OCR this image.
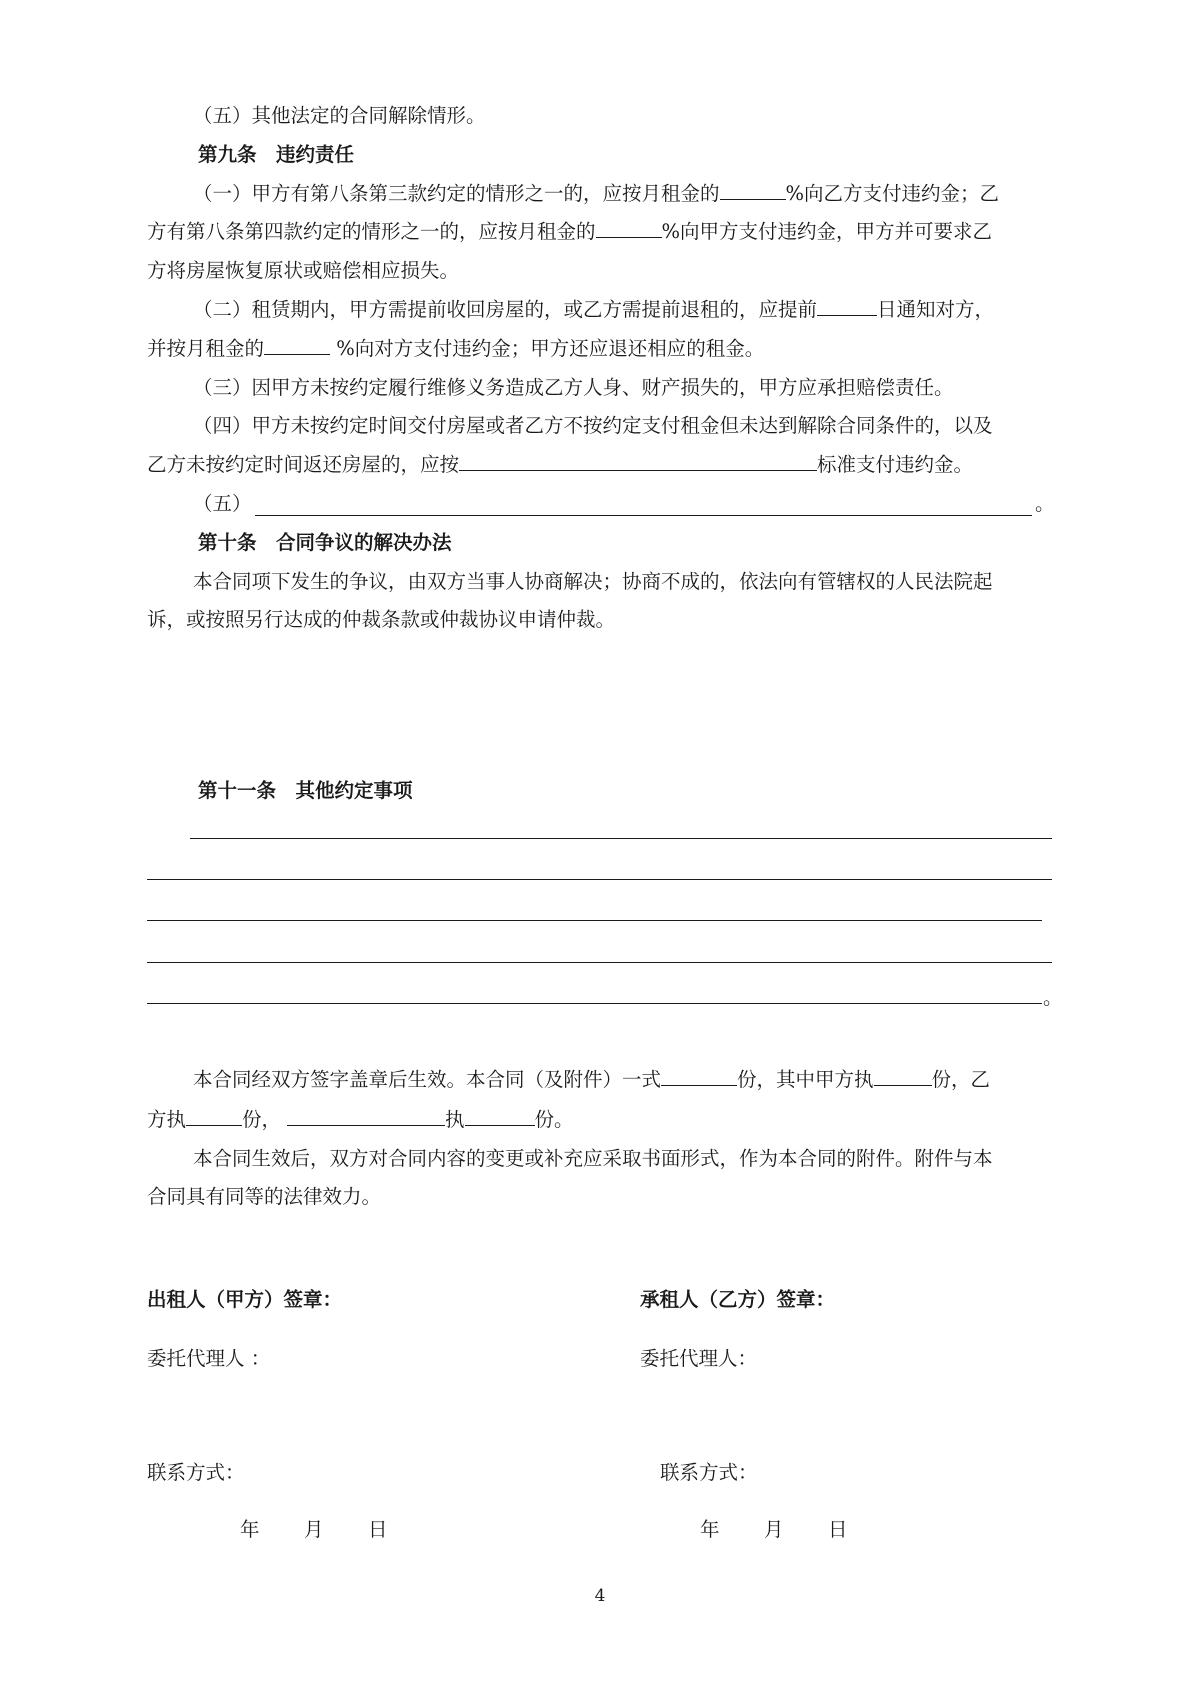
（五）其他法定的合同解除情形。
第九条　违约责任
（一）甲方有第八条第三款约定的情形之一的，应按月租金的	%向乙方支付违约金；乙
方有第八条第四款约定的情形之一的，应按月租金的	%向甲方支付违约金，甲方并可要求乙
方将房屋恢复原状或赔偿相应损失。
（二）租赁期内，甲方需提前收回房屋的，或乙方需提前退租的，应提前	日通知对方，
并按月租金的	%向对方支付违约金；甲方还应退还相应的租金。
（三）因甲方未按约定履行维修义务造成乙方人身、财产损失的，甲方应承担赔偿责任。
（四）甲方未按约定时间交付房屋或者乙方不按约定支付租金但未达到解除合同条件的，以及
乙方未按约定时间返还房屋的，应按	标准支付违约金。
（五）	。
第十条　合同争议的解决办法
本合同项下发生的争议，由双方当事人协商解决；协商不成的，依法向有管辖权的人民法院起
诉，或按照另行达成的仲裁条款或仲裁协议申请仲裁。
第十一条　其他约定事项
。
本合同经双方签字盖章后生效。本合同（及附件）一式	份，其中甲方执	份，乙
方执	份，	执	份。
本合同生效后，双方对合同内容的变更或补充应采取书面形式，作为本合同的附件。附件与本
合同具有同等的法律效力。
出租人（甲方）签章：	承租人（乙方）签章：
委托代理人 ：	委托代理人：
联系方式：	联系方式：
年 月 日	年 月 日
4
